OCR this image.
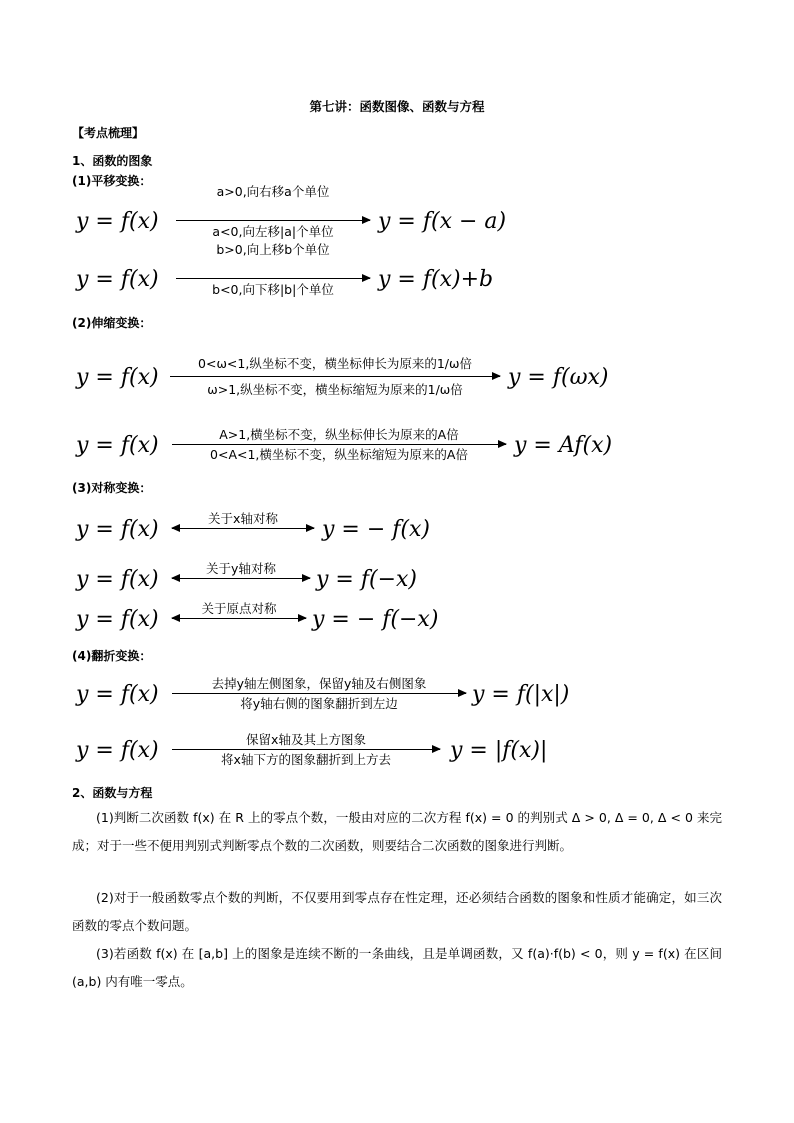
第七讲：函数图像、函数与方程
【考点梳理】
1、函数的图象
(1)平移变换：
y = f(x)
a>0,向右移a个单位
a<0,向左移|a|个单位	y = f(x − a)
y = f(x)
b>0,向上移b个单位
b<0,向下移|b|个单位	y = f(x)+b
(2)伸缩变换：
y = f(x)
0<ω<1,纵坐标不变，横坐标伸长为原来的1/ω倍
ω>1,纵坐标不变，横坐标缩短为原来的1/ω倍	y = f(ωx)
y = f(x)	A>1,横坐标不变，纵坐标伸长为原来的A倍
0<A<1,横坐标不变，纵坐标缩短为原来的A倍	y = Af(x)
(3)对称变换：
y = f(x)	关于x轴对称	y = − f(x)
y = f(x)	关于y轴对称	y = f(−x)
y = f(x)	关于原点对称	y = − f(−x)
(4)翻折变换：
y = f(x)	去掉y轴左侧图象，保留y轴及右侧图象
将y轴右侧的图象翻折到左边	y = f(|x|)
y = f(x)	保留x轴及其上方图象
将x轴下方的图象翻折到上方去	y = |f(x)|
2、函数与方程
(1)判断二次函数 f(x) 在 R 上的零点个数，一般由对应的二次方程 f(x) = 0 的判别式 Δ > 0, Δ = 0, Δ < 0 来完成；对于一些不便用判别式判断零点个数的二次函数，则要结合二次函数的图象进行判断。
(2)对于一般函数零点个数的判断，不仅要用到零点存在性定理，还必须结合函数的图象和性质才能确定，如三次函数的零点个数问题。
(3)若函数 f(x) 在 [a,b] 上的图象是连续不断的一条曲线，且是单调函数，又 f(a)·f(b) < 0，则 y = f(x) 在区间 (a,b) 内有唯一零点。
